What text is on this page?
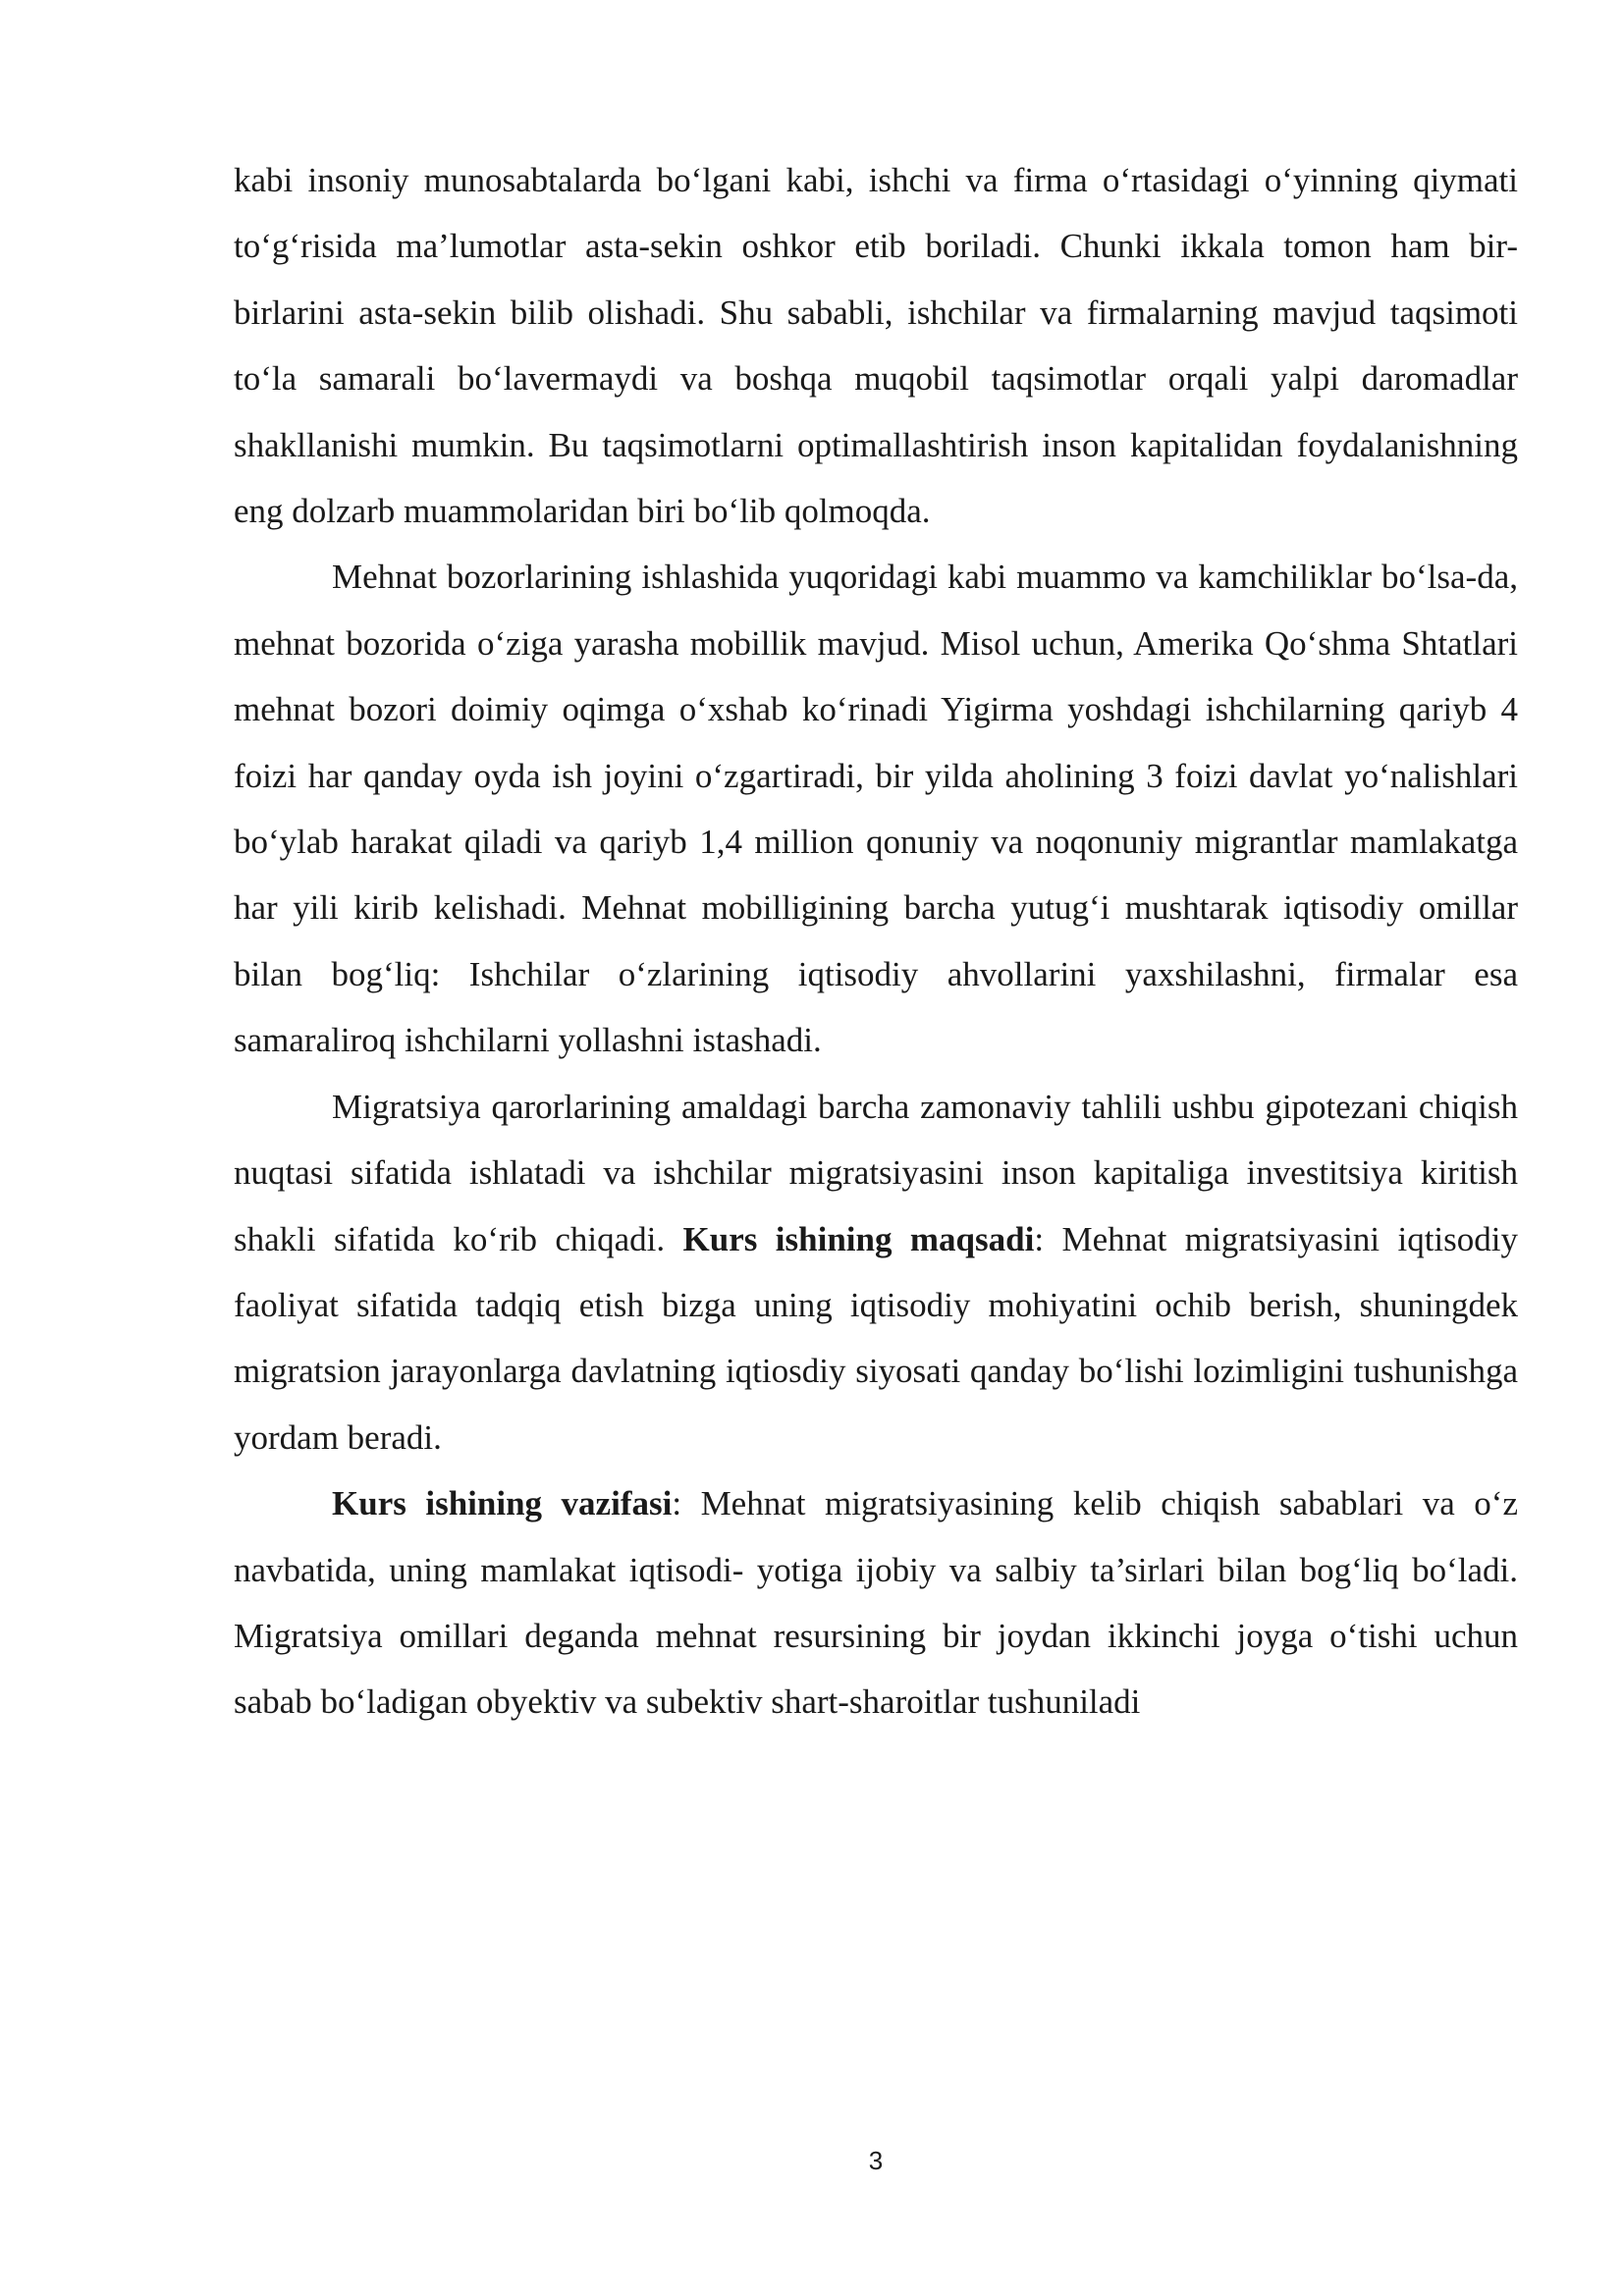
kabi insoniy munosabtalarda bo‘lgani kabi, ishchi va firma o‘rtasidagi o‘yinning qiymati to‘g‘risida ma’lumotlar asta-sekin oshkor etib boriladi. Chunki ikkala tomon ham bir-birlarini asta-sekin bilib olishadi. Shu sababli, ishchilar va firmalarning mavjud taqsimoti to‘la samarali bo‘lavermaydi va boshqa muqobil taqsimotlar orqali yalpi daromadlar shakllanishi mumkin. Bu taqsimotlarni optimallashtirish inson kapitalidan foydalanishning eng dolzarb muammolaridan biri bo‘lib qolmoqda.

Mehnat bozorlarining ishlashida yuqoridagi kabi muammo va kamchiliklar bo‘lsa-da, mehnat bozorida o‘ziga yarasha mobillik mavjud. Misol uchun, Amerika Qo‘shma Shtatlari mehnat bozori doimiy oqimga o‘xshab ko‘rinadi Yigirma yoshdagi ishchilarning qariyb 4 foizi har qanday oyda ish joyini o‘zgartiradi, bir yilda aholining 3 foizi davlat yo‘nalishlari bo‘ylab harakat qiladi va qariyb 1,4 million qonuniy va noqonuniy migrantlar mamlakatga har yili kirib kelishadi. Mehnat mobilligining barcha yutug‘i mushtarak iqtisodiy omillar bilan bog‘liq: Ishchilar o‘zlarining iqtisodiy ahvollarini yaxshilashni, firmalar esa samaraliroq ishchilarni yollashni istashadi.

Migratsiya qarorlarining amaldagi barcha zamonaviy tahlili ushbu gipotezani chiqish nuqtasi sifatida ishlatadi va ishchilar migratsiyasini inson kapitaliga investitsiya kiritish shakli sifatida ko‘rib chiqadi. Kurs ishining maqsadi: Mehnat migratsiyasini iqtisodiy faoliyat sifatida tadqiq etish bizga uning iqtisodiy mohiyatini ochib berish, shuningdek migratsion jarayonlarga davlatning iqtiosdiy siyosati qanday bo‘lishi lozimligini tushunishga yordam beradi.

Kurs ishining vazifasi: Mehnat migratsiyasining kelib chiqish sabablari va o‘z navbatida, uning mamlakat iqtisodi- yotiga ijobiy va salbiy ta’sirlari bilan bog‘liq bo‘ladi. Migratsiya omillari deganda mehnat resursining bir joydan ikkinchi joyga o‘tishi uchun sabab bo‘ladigan obyektiv va subektiv shart-sharoitlar tushuniladi

3
